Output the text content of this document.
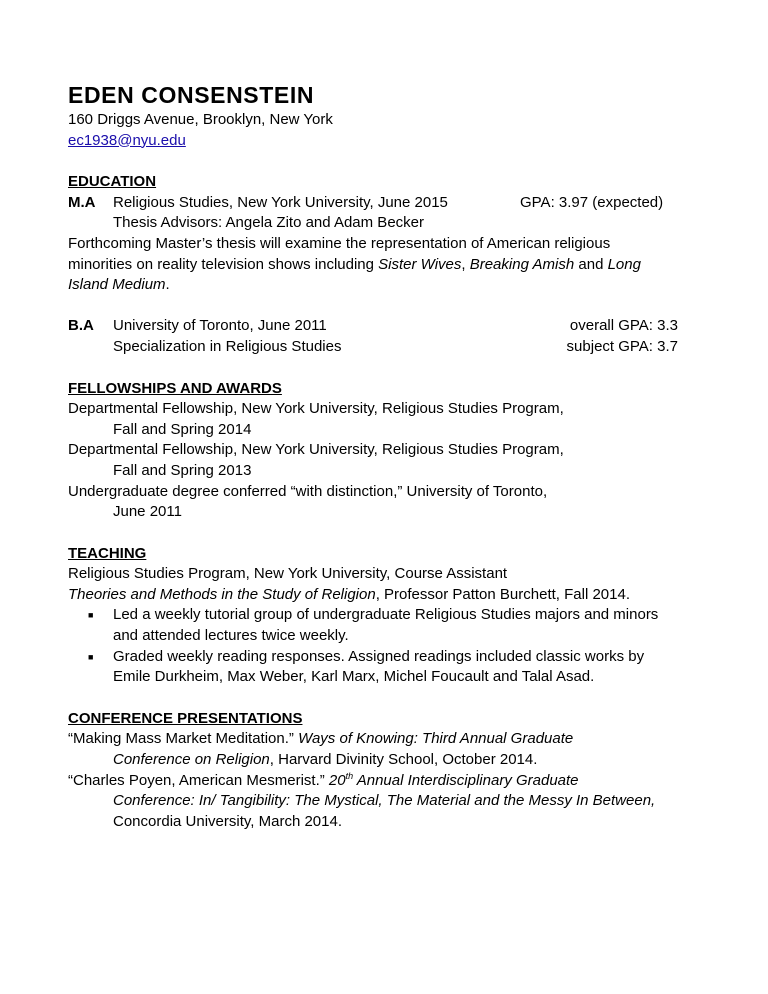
EDEN CONSENSTEIN
160 Driggs Avenue, Brooklyn, New York
ec1938@nyu.edu
EDUCATION
M.A Religious Studies, New York University, June 2015	GPA: 3.97 (expected)
Thesis Advisors: Angela Zito and Adam Becker
Forthcoming Master’s thesis will examine the representation of American religious
minorities on reality television shows including Sister Wives, Breaking Amish and Long
Island Medium.
B.A University of Toronto, June 2011	overall GPA: 3.3
Specialization in Religious Studies	subject GPA: 3.7
FELLOWSHIPS AND AWARDS
Departmental Fellowship, New York University, Religious Studies Program,
Fall and Spring 2014
Departmental Fellowship, New York University, Religious Studies Program,
Fall and Spring 2013
Undergraduate degree conferred “with distinction,” University of Toronto,
June 2011
TEACHING
Religious Studies Program, New York University, Course Assistant
Theories and Methods in the Study of Religion, Professor Patton Burchett, Fall 2014.
■ Led a weekly tutorial group of undergraduate Religious Studies majors and minors
and attended lectures twice weekly.
■ Graded weekly reading responses. Assigned readings included classic works by
Emile Durkheim, Max Weber, Karl Marx, Michel Foucault and Talal Asad.
CONFERENCE PRESENTATIONS
“Making Mass Market Meditation.” Ways of Knowing: Third Annual Graduate
Conference on Religion, Harvard Divinity School, October 2014.
“Charles Poyen, American Mesmerist.” 20th Annual Interdisciplinary Graduate
Conference: In/ Tangibility: The Mystical, The Material and the Messy In Between,
Concordia University, March 2014.
